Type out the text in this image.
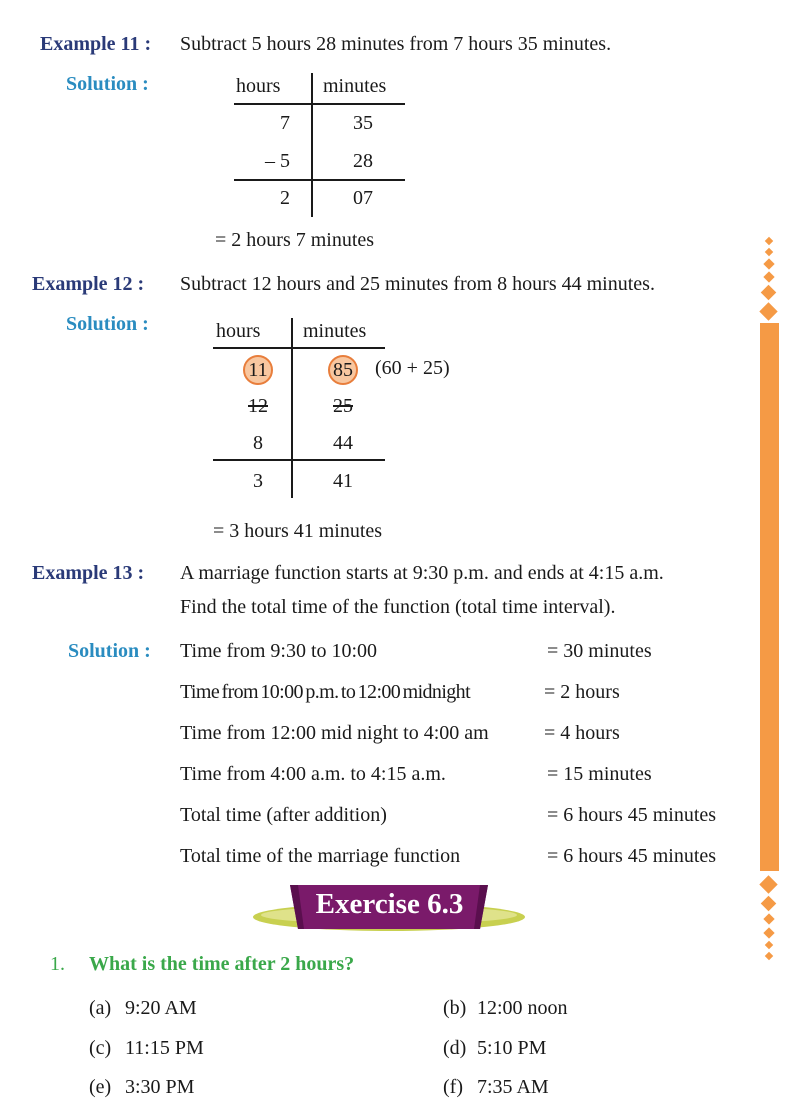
Example 11 : Subtract 5 hours 28 minutes from 7 hours 35 minutes.
Solution :	hours minutes
7	35
– 5	28
2	07
= 2 hours 7 minutes
Example 12 : Subtract 12 hours and 25 minutes from 8 hours 44 minutes.
Solution :	hours minutes
11	85 (60 + 25)
12	25
8	44
3	41
= 3 hours 41 minutes
Example 13 : A marriage function starts at 9:30 p.m. and ends at 4:15 a.m.
Find the total time of the function (total time interval).
Solution : Time from 9:30 to 10:00	= 30 minutes
Time from 10:00 p.m. to 12:00 midnight	= 2 hours
Time from 12:00 mid night to 4:00 am	= 4 hours
Time from 4:00 a.m. to 4:15 a.m.	= 15 minutes
Total time (after addition)	= 6 hours 45 minutes
Total time of the marriage function	= 6 hours 45 minutes
Exercise 6.3
1. What is the time after 2 hours?
(a) 9:20 AM	(b) 12:00 noon
(c) 11:15 PM	(d) 5:10 PM
(e) 3:30 PM	(f) 7:35 AM
